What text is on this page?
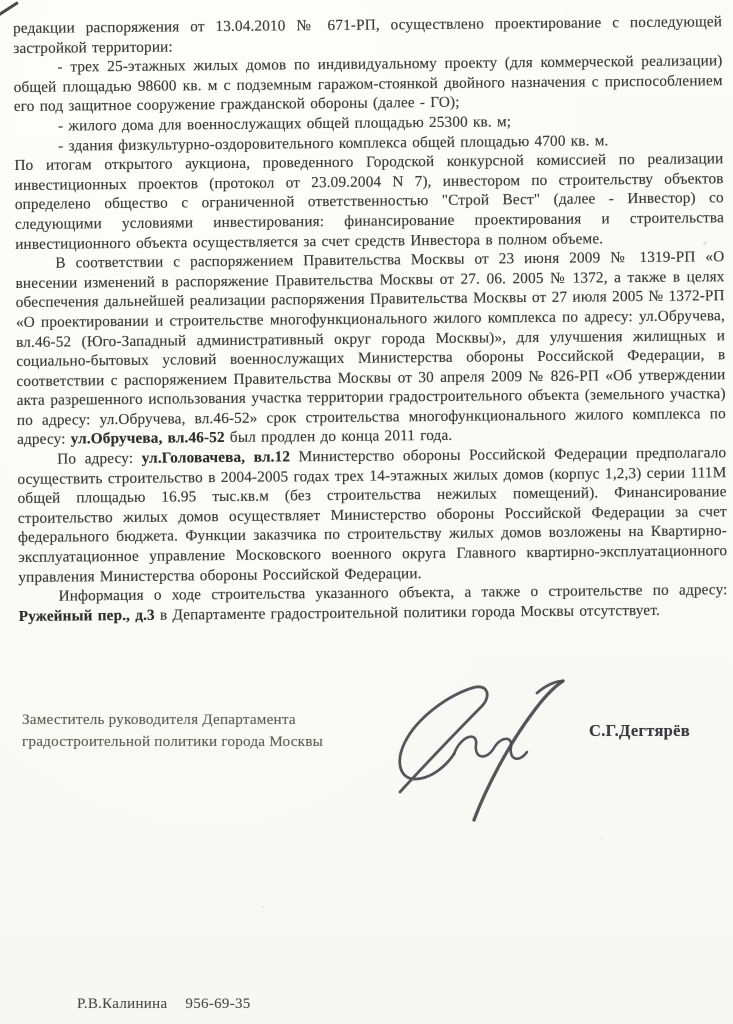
редакции распоряжения от 13.04.2010 № 671-РП, осуществлено проектирование с последующей застройкой территории:

- трех 25-этажных жилых домов по индивидуальному проекту (для коммерческой реализации) общей площадью 98600 кв. м с подземным гаражом-стоянкой двойного назначения с приспособлением его под защитное сооружение гражданской обороны (далее - ГО);

- жилого дома для военнослужащих общей площадью 25300 кв. м;

- здания физкультурно-оздоровительного комплекса общей площадью 4700 кв. м.

По итогам открытого аукциона, проведенного Городской конкурсной комиссией по реализации инвестиционных проектов (протокол от 23.09.2004 N 7), инвестором по строительству объектов определено общество с ограниченной ответственностью "Строй Вест" (далее - Инвестор) со следующими условиями инвестирования: финансирование проектирования и строительства инвестиционного объекта осуществляется за счет средств Инвестора в полном объеме.

В соответствии с распоряжением Правительства Москвы от 23 июня 2009 № 1319-РП «О внесении изменений в распоряжение Правительства Москвы от 27. 06. 2005 № 1372, а также в целях обеспечения дальнейшей реализации распоряжения Правительства Москвы от 27 июля 2005 № 1372-РП «О проектировании и строительстве многофункционального жилого комплекса по адресу: ул.Обручева, вл.46-52 (Юго-Западный административный округ города Москвы)», для улучшения жилищных и социально-бытовых условий военнослужащих Министерства обороны Российской Федерации, в соответствии с распоряжением Правительства Москвы от 30 апреля 2009 № 826-РП «Об утверждении акта разрешенного использования участка территории градостроительного объекта (земельного участка) по адресу: ул.Обручева, вл.46-52» срок строительства многофункционального жилого комплекса по адресу: ул.Обручева, вл.46-52 был продлен до конца 2011 года.

По адресу: ул.Головачева, вл.12 Министерство обороны Российской Федерации предполагало осуществить строительство в 2004-2005 годах трех 14-этажных жилых домов (корпус 1,2,3) серии 111М общей площадью 16.95 тыс.кв.м (без строительства нежилых помещений). Финансирование строительство жилых домов осуществляет Министерство обороны Российской Федерации за счет федерального бюджета. Функции заказчика по строительству жилых домов возложены на Квартирно-эксплуатационное управление Московского военного округа Главного квартирно-эксплуатационного управления Министерства обороны Российской Федерации.

Информация о ходе строительства указанного объекта, а также о строительстве по адресу: Ружейный пер., д.3 в Департаменте градостроительной политики города Москвы отсутствует.

Заместитель руководителя Департамента
градостроительной политики города Москвы
С.Г.Дегтярёв
Р.В.Калинина 956-69-35
